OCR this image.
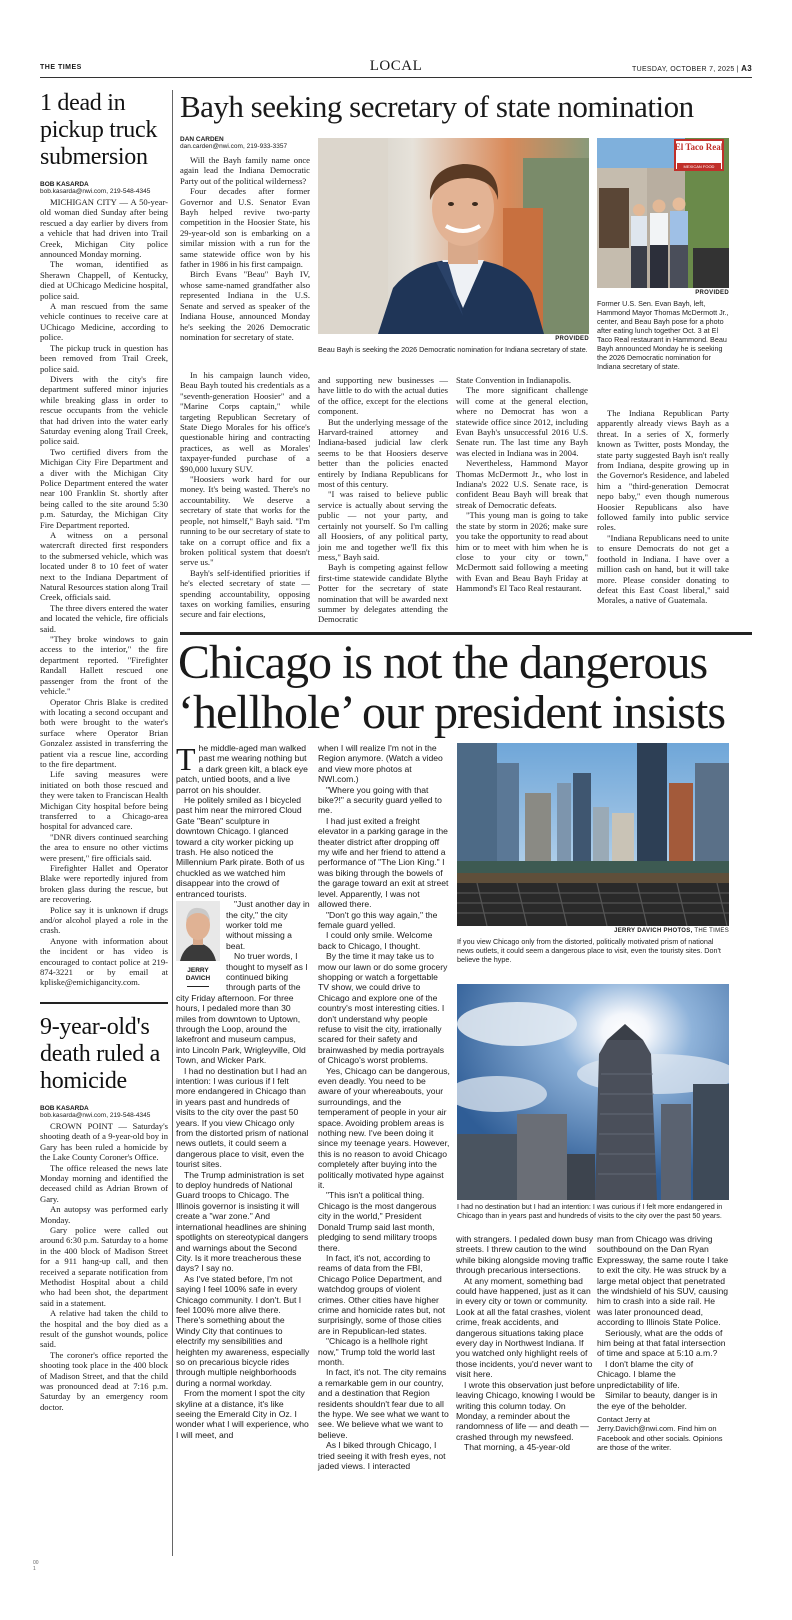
THE TIMES	LOCAL	TUESDAY, OCTOBER 7, 2025 | A3
1 dead in pickup truck submersion
BOB KASARDA
bob.kasarda@nwi.com, 219-548-4345

MICHIGAN CITY — A 50-year-old woman died Sunday after being rescued a day earlier by divers from a vehicle that had driven into Trail Creek, Michigan City police announced Monday morning.

The woman, identified as Sherawn Chappell, of Kentucky, died at UChicago Medicine hospital, police said.

A man rescued from the same vehicle continues to receive care at UChicago Medicine, according to police.

The pickup truck in question has been removed from Trail Creek, police said.

Divers with the city's fire department suffered minor injuries while breaking glass in order to rescue occupants from the vehicle that had driven into the water early Saturday evening along Trail Creek, police said.

Two certified divers from the Michigan City Fire Department and a diver with the Michigan City Police Department entered the water near 100 Franklin St. shortly after being called to the site around 5:30 p.m. Saturday, the Michigan City Fire Department reported.

A witness on a personal watercraft directed first responders to the submersed vehicle, which was located under 8 to 10 feet of water next to the Indiana Department of Natural Resources station along Trail Creek, officials said.

The three divers entered the water and located the vehicle, fire officials said.

"They broke windows to gain access to the interior," the fire department reported. "Firefighter Randall Hallett rescued one passenger from the front of the vehicle."

Operator Chris Blake is credited with locating a second occupant and both were brought to the water's surface where Operator Brian Gonzalez assisted in transferring the patient via a rescue line, according to the fire department.

Life saving measures were initiated on both those rescued and they were taken to Franciscan Health Michigan City hospital before being transferred to a Chicago-area hospital for advanced care.

"DNR divers continued searching the area to ensure no other victims were present," fire officials said.

Firefighter Hallet and Operator Blake were reportedly injured from broken glass during the rescue, but are recovering.

Police say it is unknown if drugs and/or alcohol played a role in the crash.

Anyone with information about the incident or has video is encouraged to contact police at 219-874-3221 or by email at kpliske@emichigancity.com.

9-year-old's death ruled a homicide
BOB KASARDA
bob.kasarda@nwi.com, 219-548-4345

CROWN POINT — Saturday's shooting death of a 9-year-old boy in Gary has been ruled a homicide by the Lake County Coroner's Office.

The office released the news late Monday morning and identified the deceased child as Adrian Brown of Gary.

An autopsy was performed early Monday.

Gary police were called out around 6:30 p.m. Saturday to a home in the 400 block of Madison Street for a 911 hang-up call, and then received a separate notification from Methodist Hospital about a child who had been shot, the department said in a statement.

A relative had taken the child to the hospital and the boy died as a result of the gunshot wounds, police said.

The coroner's office reported the shooting took place in the 400 block of Madison Street, and that the child was pronounced dead at 7:16 p.m. Saturday by an emergency room doctor.

Bayh seeking secretary of state nomination
DAN CARDEN
dan.carden@nwi.com, 219-933-3357

Will the Bayh family name once again lead the Indiana Democratic Party out of the political wilderness?

Four decades after former Governor and U.S. Senator Evan Bayh helped revive two-party competition in the Hoosier State, his 29-year-old son is embarking on a similar mission with a run for the same statewide office won by his father in 1986 in his first campaign.

Birch Evans "Beau" Bayh IV, whose same-named grandfather also represented Indiana in the U.S. Senate and served as speaker of the Indiana House, announced Monday he's seeking the 2026 Democratic nomination for secretary of state.

In his campaign launch video, Beau Bayh touted his credentials as a "seventh-generation Hoosier" and a "Marine Corps captain," while targeting Republican Secretary of State Diego Morales for his office's questionable hiring and contracting practices, as well as Morales' taxpayer-funded purchase of a $90,000 luxury SUV.

"Hoosiers work hard for our money. It's being wasted. There's no accountability. We deserve a secretary of state that works for the people, not himself," Bayh said. "I'm running to be our secretary of state to take on a corrupt office and fix a broken political system that doesn't serve us."

Bayh's self-identified priorities if he's elected secretary of state — spending accountability, opposing taxes on working families, ensuring secure and fair elections,

and supporting new businesses — have little to do with the actual duties of the office, except for the elections component.

But the underlying message of the Harvard-trained attorney and Indiana-based judicial law clerk seems to be that Hoosiers deserve better than the policies enacted entirely by Indiana Republicans for most of this century.

"I was raised to believe public service is actually about serving the public — not your party, and certainly not yourself. So I'm calling all Hoosiers, of any political party, join me and together we'll fix this mess," Bayh said.

Bayh is competing against fellow first-time statewide candidate Blythe Potter for the secretary of state nomination that will be awarded next summer by delegates attending the Democratic

State Convention in Indianapolis.

The more significant challenge will come at the general election, where no Democrat has won a statewide office since 2012, including Evan Bayh's unsuccessful 2016 U.S. Senate run. The last time any Bayh was elected in Indiana was in 2004.

Nevertheless, Hammond Mayor Thomas McDermott Jr., who lost in Indiana's 2022 U.S. Senate race, is confident Beau Bayh will break that streak of Democratic defeats.

"This young man is going to take the state by storm in 2026; make sure you take the opportunity to read about him or to meet with him when he is close to your city or town," McDermott said following a meeting with Evan and Beau Bayh Friday at Hammond's El Taco Real restaurant.

The Indiana Republican Party apparently already views Bayh as a threat. In a series of X, formerly known as Twitter, posts Monday, the state party suggested Bayh isn't really from Indiana, despite growing up in the Governor's Residence, and labeled him a "third-generation Democrat nepo baby," even though numerous Hoosier Republicans also have followed family into public service roles.

"Indiana Republicans need to unite to ensure Democrats do not get a foothold in Indiana. I have over a million cash on hand, but it will take more. Please consider donating to defeat this East Coast liberal," said Morales, a native of Guatemala.

PROVIDED
Beau Bayh is seeking the 2026 Democratic nomination for Indiana secretary of state.
El Taco Real
MEXICAN FOOD
PROVIDED
Former U.S. Sen. Evan Bayh, left, Hammond Mayor Thomas McDermott Jr., center, and Beau Bayh pose for a photo after eating lunch together Oct. 3 at El Taco Real restaurant in Hammond. Beau Bayh announced Monday he is seeking the 2026 Democratic nomination for Indiana secretary of state.
Chicago is not the dangerous
‘hellhole’ our president insists

The middle-aged man walked past me wearing nothing but a dark green kilt, a black eye patch, untied boots, and a live parrot on his shoulder.

He politely smiled as I bicycled past him near the mirrored Cloud Gate "Bean" sculpture in downtown Chicago. I glanced toward a city worker picking up trash. He also noticed the Millennium Park pirate. Both of us chuckled as we watched him disappear into the crowd of entranced tourists.

JERRY
DAVICH

"Just another day in the city," the city worker told me without missing a beat.

No truer words, I thought to myself as I continued biking through parts of the city Friday afternoon. For three hours, I pedaled more than 30 miles from downtown to Uptown, through the Loop, around the lakefront and museum campus, into Lincoln Park, Wrigleyville, Old Town, and Wicker Park.

I had no destination but I had an intention: I was curious if I felt more endangered in Chicago than in years past and hundreds of visits to the city over the past 50 years. If you view Chicago only from the distorted prism of national news outlets, it could seem a dangerous place to visit, even the tourist sites.

The Trump administration is set to deploy hundreds of National Guard troops to Chicago. The Illinois governor is insisting it will create a "war zone." And international headlines are shining spotlights on stereotypical dangers and warnings about the Second City. Is it more treacherous these days? I say no.

As I've stated before, I'm not saying I feel 100% safe in every Chicago community. I don't. But I feel 100% more alive there. There's something about the Windy City that continues to electrify my sensibilities and heighten my awareness, especially so on precarious bicycle rides through multiple neighborhoods during a normal workday.

From the moment I spot the city skyline at a distance, it's like seeing the Emerald City in Oz. I wonder what I will experience, who I will meet, and

when I will realize I'm not in the Region anymore. (Watch a video and view more photos at NWI.com.)

"Where you going with that bike?!" a security guard yelled to me.

I had just exited a freight elevator in a parking garage in the theater district after dropping off my wife and her friend to attend a performance of "The Lion King." I was biking through the bowels of the garage toward an exit at street level. Apparently, I was not allowed there.

"Don't go this way again," the female guard yelled.

I could only smile. Welcome back to Chicago, I thought.

By the time it may take us to mow our lawn or do some grocery shopping or watch a forgettable TV show, we could drive to Chicago and explore one of the country's most interesting cities. I don't understand why people refuse to visit the city, irrationally scared for their safety and brainwashed by media portrayals of Chicago's worst problems.

Yes, Chicago can be dangerous, even deadly. You need to be aware of your whereabouts, your surroundings, and the temperament of people in your air space. Avoiding problem areas is nothing new. I've been doing it since my teenage years. However, this is no reason to avoid Chicago completely after buying into the politically motivated hype against it.

"This isn't a political thing. Chicago is the most dangerous city in the world," President Donald Trump said last month, pledging to send military troops there.

In fact, it's not, according to reams of data from the FBI, Chicago Police Department, and watchdog groups of violent crimes. Other cities have higher crime and homicide rates but, not surprisingly, some of those cities are in Republican-led states.

"Chicago is a hellhole right now," Trump told the world last month.

In fact, it's not. The city remains a remarkable gem in our country, and a destination that Region residents shouldn't fear due to all the hype. We see what we want to see. We believe what we want to believe.

As I biked through Chicago, I tried seeing it with fresh eyes, not jaded views. I interacted

JERRY DAVICH PHOTOS, THE TIMES
If you view Chicago only from the distorted, politically motivated prism of national news outlets, it could seem a dangerous place to visit, even the touristy sites. Don't believe the hype.
I had no destination but I had an intention: I was curious if I felt more endangered in Chicago than in years past and hundreds of visits to the city over the past 50 years.

with strangers. I pedaled down busy streets. I threw caution to the wind while biking alongside moving traffic through precarious intersections.

At any moment, something bad could have happened, just as it can in every city or town or community. Look at all the fatal crashes, violent crime, freak accidents, and dangerous situations taking place every day in Northwest Indiana. If you watched only highlight reels of those incidents, you'd never want to visit here.

I wrote this observation just before leaving Chicago, knowing I would be writing this column today. On Monday, a reminder about the randomness of life — and death — crashed through my newsfeed.

That morning, a 45-year-old

man from Chicago was driving southbound on the Dan Ryan Expressway, the same route I take to exit the city. He was struck by a large metal object that penetrated the windshield of his SUV, causing him to crash into a side rail. He was later pronounced dead, according to Illinois State Police.

Seriously, what are the odds of him being at that fatal intersection of time and space at 5:10 a.m.?

I don't blame the city of Chicago. I blame the unpredictability of life.

Similar to beauty, danger is in the eye of the beholder.

Contact Jerry at Jerry.Davich@nwi.com. Find him on Facebook and other socials. Opinions are those of the writer.
00
1
